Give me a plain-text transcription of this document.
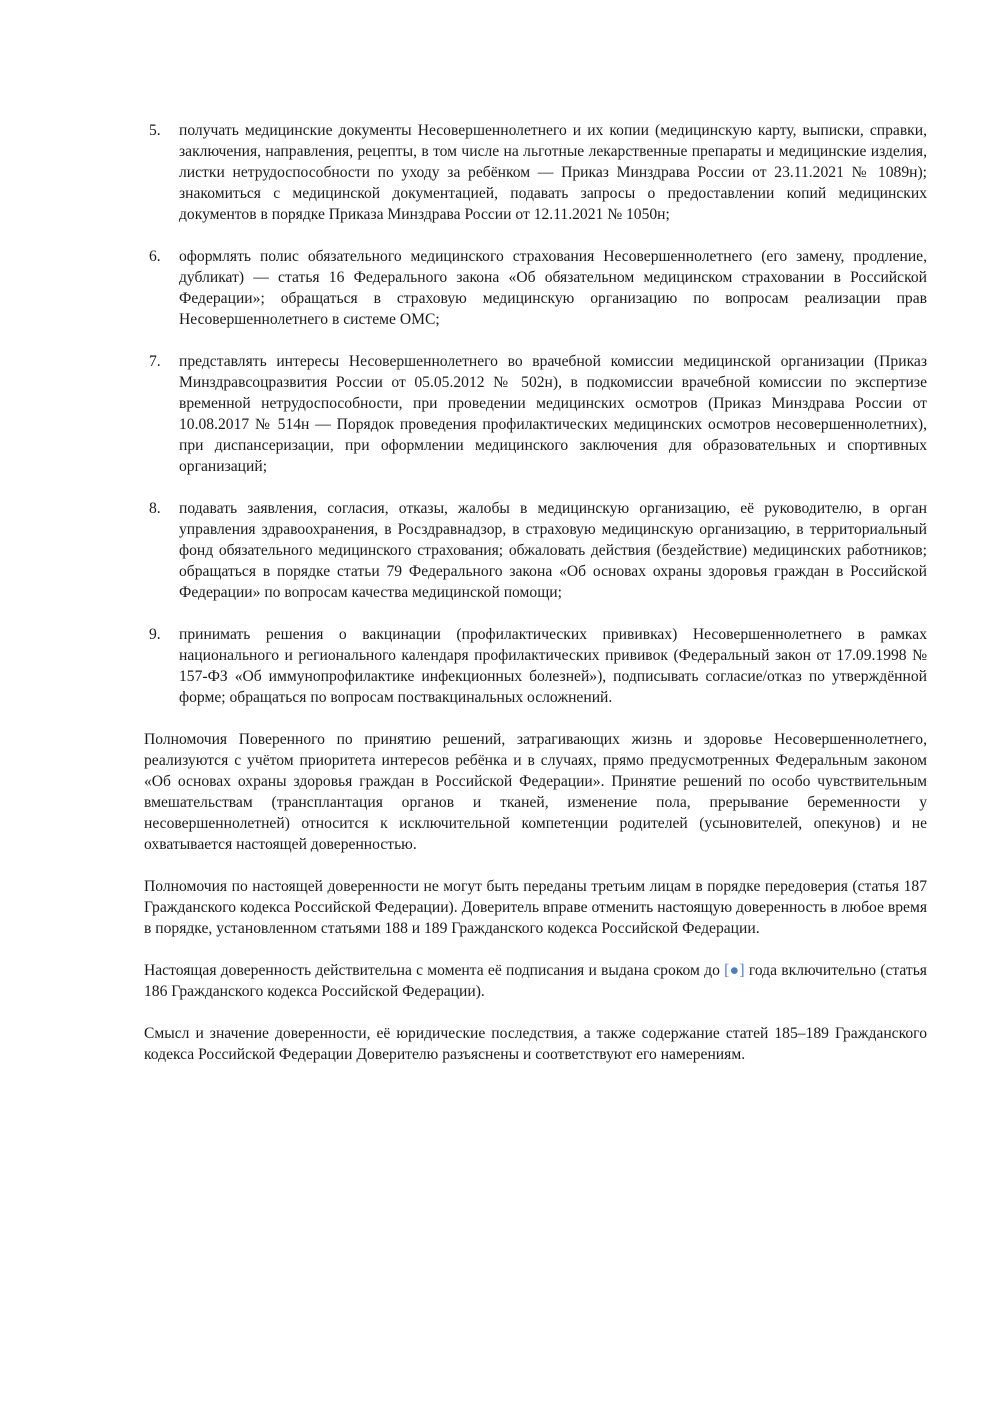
5. получать медицинские документы Несовершеннолетнего и их копии (медицинскую карту, выписки, справки, заключения, направления, рецепты, в том числе на льготные лекарственные препараты и медицинские изделия, листки нетрудоспособности по уходу за ребёнком — Приказ Минздрава России от 23.11.2021 № 1089н); знакомиться с медицинской документацией, подавать запросы о предоставлении копий медицинских документов в порядке Приказа Минздрава России от 12.11.2021 № 1050н;
6. оформлять полис обязательного медицинского страхования Несовершеннолетнего (его замену, продление, дубликат) — статья 16 Федерального закона «Об обязательном медицинском страховании в Российской Федерации»; обращаться в страховую медицинскую организацию по вопросам реализации прав Несовершеннолетнего в системе ОМС;
7. представлять интересы Несовершеннолетнего во врачебной комиссии медицинской организации (Приказ Минздравсоцразвития России от 05.05.2012 № 502н), в подкомиссии врачебной комиссии по экспертизе временной нетрудоспособности, при проведении медицинских осмотров (Приказ Минздрава России от 10.08.2017 № 514н — Порядок проведения профилактических медицинских осмотров несовершеннолетних), при диспансеризации, при оформлении медицинского заключения для образовательных и спортивных организаций;
8. подавать заявления, согласия, отказы, жалобы в медицинскую организацию, её руководителю, в орган управления здравоохранения, в Росздравнадзор, в страховую медицинскую организацию, в территориальный фонд обязательного медицинского страхования; обжаловать действия (бездействие) медицинских работников; обращаться в порядке статьи 79 Федерального закона «Об основах охраны здоровья граждан в Российской Федерации» по вопросам качества медицинской помощи;
9. принимать решения о вакцинации (профилактических прививках) Несовершеннолетнего в рамках национального и регионального календаря профилактических прививок (Федеральный закон от 17.09.1998 № 157-ФЗ «Об иммунопрофилактике инфекционных болезней»), подписывать согласие/отказ по утверждённой форме; обращаться по вопросам поствакцинальных осложнений.

Полномочия Поверенного по принятию решений, затрагивающих жизнь и здоровье Несовершеннолетнего, реализуются с учётом приоритета интересов ребёнка и в случаях, прямо предусмотренных Федеральным законом «Об основах охраны здоровья граждан в Российской Федерации». Принятие решений по особо чувствительным вмешательствам (трансплантация органов и тканей, изменение пола, прерывание беременности у несовершеннолетней) относится к исключительной компетенции родителей (усыновителей, опекунов) и не охватывается настоящей доверенностью.

Полномочия по настоящей доверенности не могут быть переданы третьим лицам в порядке передоверия (статья 187 Гражданского кодекса Российской Федерации). Доверитель вправе отменить настоящую доверенность в любое время в порядке, установленном статьями 188 и 189 Гражданского кодекса Российской Федерации.

Настоящая доверенность действительна с момента её подписания и выдана сроком до [●] года включительно (статья 186 Гражданского кодекса Российской Федерации).

Смысл и значение доверенности, её юридические последствия, а также содержание статей 185–189 Гражданского кодекса Российской Федерации Доверителю разъяснены и соответствуют его намерениям.
